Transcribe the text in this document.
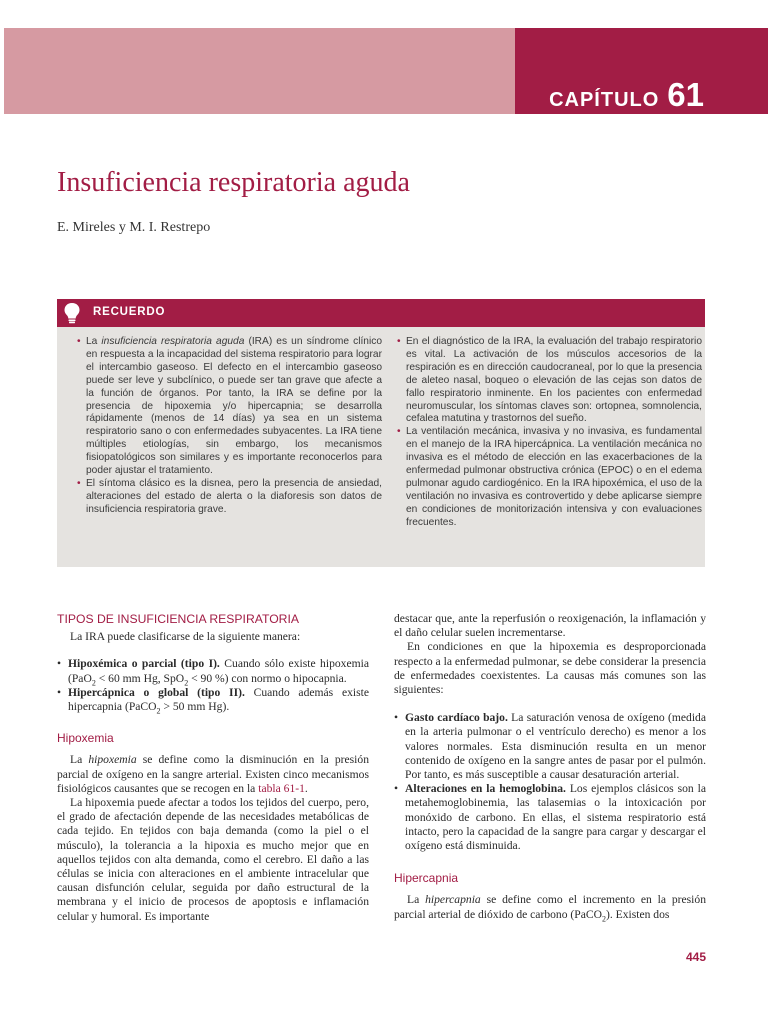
CAPÍTULO 61
Insuficiencia respiratoria aguda
E. Mireles y M. I. Restrepo
RECUERDO

• La insuficiencia respiratoria aguda (IRA) es un síndrome clínico en respuesta a la incapacidad del sistema respiratorio para lograr el intercambio gaseoso. El defecto en el intercambio gaseoso puede ser leve y subclínico, o puede ser tan grave que afecte a la función de órganos. Por tanto, la IRA se define por la presencia de hipoxemia y/o hipercapnia; se desarrolla rápidamente (menos de 14 días) ya sea en un sistema respiratorio sano o con enfermedades subyacentes. La IRA tiene múltiples etiologías, sin embargo, los mecanismos fisiopatológicos son similares y es importante reconocerlos para poder ajustar el tratamiento.

• El síntoma clásico es la disnea, pero la presencia de ansiedad, alteraciones del estado de alerta o la diaforesis son datos de insuficiencia respiratoria grave.

• En el diagnóstico de la IRA, la evaluación del trabajo respiratorio es vital. La activación de los músculos accesorios de la respiración es en dirección caudocraneal, por lo que la presencia de aleteo nasal, boqueo o elevación de las cejas son datos de fallo respiratorio inminente. En los pacientes con enfermedad neuromuscular, los síntomas claves son: ortopnea, somnolencia, cefalea matutina y trastornos del sueño.

• La ventilación mecánica, invasiva y no invasiva, es fundamental en el manejo de la IRA hipercápnica. La ventilación mecánica no invasiva es el método de elección en las exacerbaciones de la enfermedad pulmonar obstructiva crónica (EPOC) o en el edema pulmonar agudo cardiogénico. En la IRA hipoxémica, el uso de la ventilación no invasiva es controvertido y debe aplicarse siempre en condiciones de monitorización intensiva y con evaluaciones frecuentes.

TIPOS DE INSUFICIENCIA RESPIRATORIA

La IRA puede clasificarse de la siguiente manera:

• Hipoxémica o parcial (tipo I). Cuando sólo existe hipoxemia (PaO$_2$ < 60 mm Hg, SpO$_2$ < 90 %) con normo o hipocapnia.
• Hipercápnica o global (tipo II). Cuando además existe hipercapnia (PaCO$_2$ > 50 mm Hg).
Hipoxemia

La hipoxemia se define como la disminución en la presión parcial de oxígeno en la sangre arterial. Existen cinco mecanismos fisiológicos causantes que se recogen en la tabla 61-1.

La hipoxemia puede afectar a todos los tejidos del cuerpo, pero, el grado de afectación depende de las necesidades metabólicas de cada tejido. En tejidos con baja demanda (como la piel o el músculo), la tolerancia a la hipoxia es mucho mejor que en aquellos tejidos con alta demanda, como el cerebro. El daño a las células se inicia con alteraciones en el ambiente intracelular que causan disfunción celular, seguida por daño estructural de la membrana y el inicio de procesos de apoptosis e inflamación celular y humoral. Es importante

destacar que, ante la reperfusión o reoxigenación, la inflamación y el daño celular suelen incrementarse.

En condiciones en que la hipoxemia es desproporcionada respecto a la enfermedad pulmonar, se debe considerar la presencia de enfermedades coexistentes. La causas más comunes son las siguientes:

• Gasto cardíaco bajo. La saturación venosa de oxígeno (medida en la arteria pulmonar o el ventrículo derecho) es menor a los valores normales. Esta disminución resulta en un menor contenido de oxígeno en la sangre antes de pasar por el pulmón. Por tanto, es más susceptible a causar desaturación arterial.
• Alteraciones en la hemoglobina. Los ejemplos clásicos son la metahemoglobinemia, las talasemias o la intoxicación por monóxido de carbono. En ellas, el sistema respiratorio está intacto, pero la capacidad de la sangre para cargar y descargar el oxígeno está disminuida.
Hipercapnia

La hipercapnia se define como el incremento en la presión parcial arterial de dióxido de carbono (PaCO$_2$). Existen dos

445
